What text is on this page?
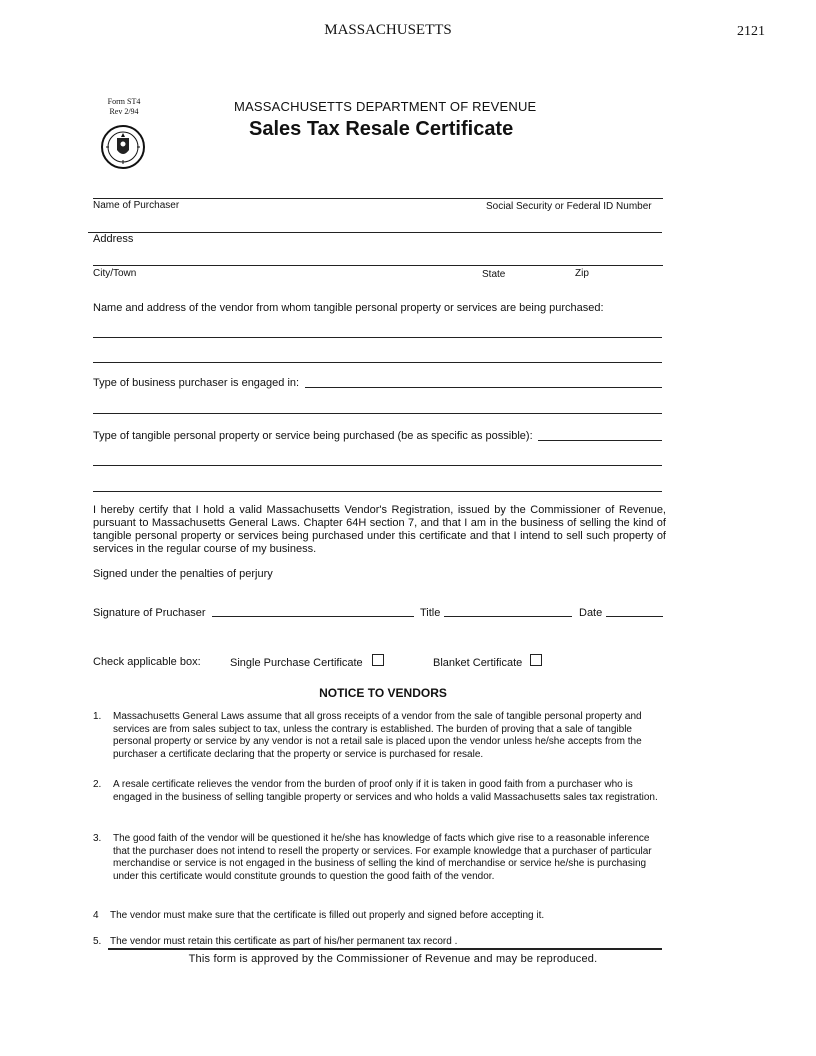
MASSACHUSETTS	2121
Form ST4
Rev 2/94	MASSACHUSETTS DEPARTMENT OF REVENUE
Sales Tax Resale Certificate
Name of Purchaser	Social Security or Federal ID Number
Address
City/Town	State	Zip
Name and address of the vendor from whom tangible personal property or services are being purchased:
Type of business purchaser is engaged in:
Type of tangible personal property or service being purchased (be as specific as possible):
I hereby certify that I hold a valid Massachusetts Vendor's Registration, issued by the Commissioner of Revenue, pursuant to Massachusetts General Laws. Chapter 64H section 7, and that I am in the business of selling the kind of tangible personal property or services being purchased under this certificate and that I intend to sell such property of services in the regular course of my business.
Signed under the penalties of perjury
Signature of Pruchaser	Title	Date
Check applicable box:	Single Purchase Certificate	Blanket Certificate
NOTICE TO VENDORS
1. Massachusetts General Laws assume that all gross receipts of a vendor from the sale of tangible personal property and services are from sales subject to tax, unless the contrary is established. The burden of proving that a sale of tangible personal property or service by any vendor is not a retail sale is placed upon the vendor unless he/she accepts from the purchaser a certificate declaring that the property or service is purchased for resale.
2. A resale certificate relieves the vendor from the burden of proof only if it is taken in good faith from a purchaser who is engaged in the business of selling tangible property or services and who holds a valid Massachusetts sales tax registration.
3. The good faith of the vendor will be questioned it he/she has knowledge of facts which give rise to a reasonable inference that the purchaser does not intend to resell the property or services. For example knowledge that a purchaser of particular merchandise or service is not engaged in the business of selling the kind of merchandise or service he/she is purchasing under this certificate would constitute grounds to question the good faith of the vendor.
4 The vendor must make sure that the certificate is filled out properly and signed before accepting it.
5. The vendor must retain this certificate as part of his/her permanent tax record .
This form is approved by the Commissioner of Revenue and may be reproduced.
